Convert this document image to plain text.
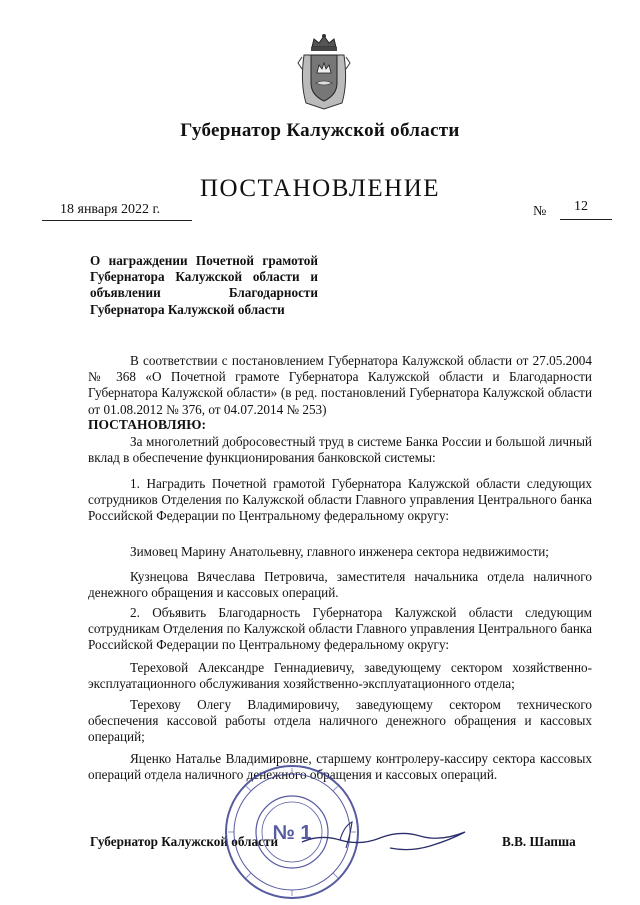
Губернатор Калужской области
ПОСТАНОВЛЕНИЕ
18 января 2022 г.	№ 12
О награждении Почетной грамотой Губернатора Калужской области и объявлении Благодарности Губернатора Калужской области
В соответствии с постановлением Губернатора Калужской области от 27.05.2004 № 368 «О Почетной грамоте Губернатора Калужской области и Благодарности Губернатора Калужской области» (в ред. постановлений Губернатора Калужской области от 01.08.2012 № 376, от 04.07.2014 № 253)
ПОСТАНОВЛЯЮ:
За многолетний добросовестный труд в системе Банка России и большой личный вклад в обеспечение функционирования банковской системы:
1. Наградить Почетной грамотой Губернатора Калужской области следующих сотрудников Отделения по Калужской области Главного управления Центрального банка Российской Федерации по Центральному федеральному округу:
Зимовец Марину Анатольевну, главного инженера сектора недвижимости;
Кузнецова Вячеслава Петровича, заместителя начальника отдела наличного денежного обращения и кассовых операций.
2. Объявить Благодарность Губернатора Калужской области следующим сотрудникам Отделения по Калужской области Главного управления Центрального банка Российской Федерации по Центральному федеральному округу:
Тереховой Александре Геннадиевичу, заведующему сектором хозяйственно-эксплуатационного обслуживания хозяйственно-эксплуатационного отдела;
Терехову Олегу Владимировичу, заведующему сектором технического обеспечения кассовой работы отдела наличного денежного обращения и кассовых операций;
Яценко Наталье Владимировне, старшему контролеру-кассиру сектора кассовых операций отдела наличного денежного обращения и кассовых операций.
Губернатор Калужской области	В.В. Шапша
№ 1
